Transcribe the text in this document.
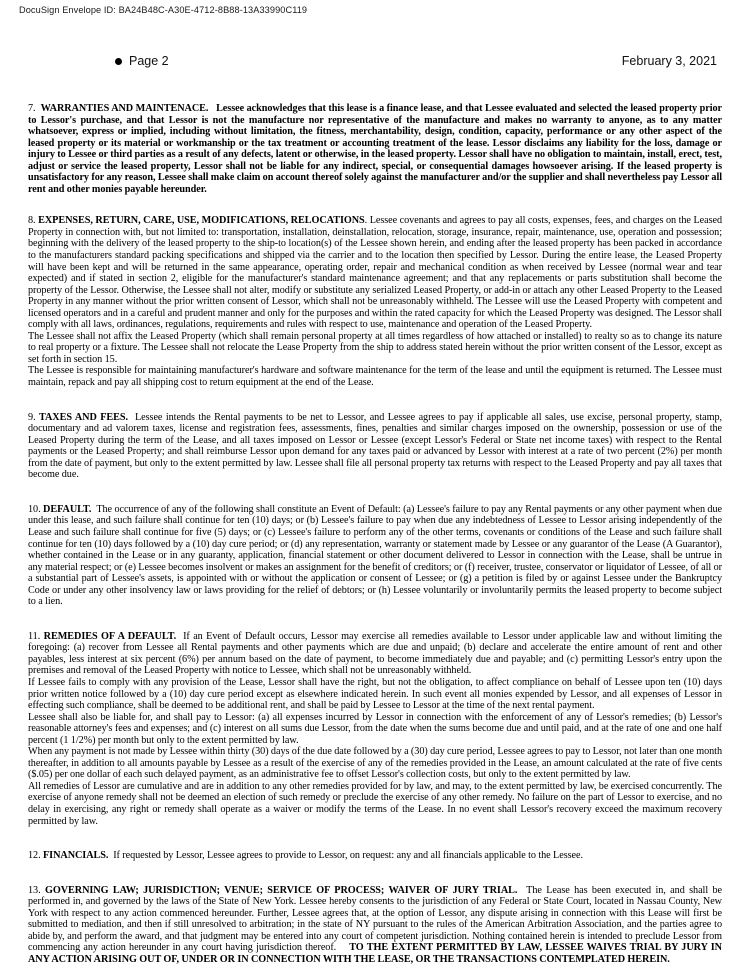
DocuSign Envelope ID: BA24B48C-A30E-4712-8B88-13A33990C119
Page 2	February 3, 2021

7. WARRANTIES AND MAINTENACE. Lessee acknowledges that this lease is a finance lease, and that Lessee evaluated and selected the leased property prior to Lessor's purchase, and that Lessor is not the manufacture nor representative of the manufacture and makes no warranty to anyone, as to any matter whatsoever, express or implied, including without limitation, the fitness, merchantability, design, condition, capacity, performance or any other aspect of the leased property or its material or workmanship or the tax treatment or accounting treatment of the lease. Lessor disclaims any liability for the loss, damage or injury to Lessee or third parties as a result of any defects, latent or otherwise, in the leased property. Lessor shall have no obligation to maintain, install, erect, test, adjust or service the leased property, Lessor shall not be liable for any indirect, special, or consequential damages howsoever arising. If the leased property is unsatisfactory for any reason, Lessee shall make claim on account thereof solely against the manufacturer and/or the supplier and shall nevertheless pay Lessor all rent and other monies payable hereunder.

8. EXPENSES, RETURN, CARE, USE, MODIFICATIONS, RELOCATIONS. Lessee covenants and agrees to pay all costs, expenses, fees, and charges on the Leased Property in connection with, but not limited to: transportation, installation, deinstallation, relocation, storage, insurance, repair, maintenance, use, operation and possession; beginning with the delivery of the leased property to the ship-to location(s) of the Lessee shown herein, and ending after the leased property has been packed in accordance to the manufacturers standard packing specifications and shipped via the carrier and to the location then specified by Lessor. During the entire lease, the Leased Property will have been kept and will be returned in the same appearance, operating order, repair and mechanical condition as when received by Lessee (normal wear and tear expected) and if stated in section 2, eligible for the manufacturer's standard maintenance agreement; and that any replacements or parts substitution shall become the property of the Lessor. Otherwise, the Lessee shall not alter, modify or substitute any serialized Leased Property, or add-in or attach any other Leased Property to the Leased Property in any manner without the prior written consent of Lessor, which shall not be unreasonably withheld. The Lessee will use the Leased Property with competent and licensed operators and in a careful and prudent manner and only for the purposes and within the rated capacity for which the Leased Property was designed. The Lessor shall comply with all laws, ordinances, regulations, requirements and rules with respect to use, maintenance and operation of the Leased Property.

The Lessee shall not affix the Leased Property (which shall remain personal property at all times regardless of how attached or installed) to realty so as to change its nature to real property or a fixture. The Lessee shall not relocate the Lease Property from the ship to address stated herein without the prior written consent of the Lessor, except as set forth in section 15.

The Lessee is responsible for maintaining manufacturer's hardware and software maintenance for the term of the lease and until the equipment is returned. The Lessee must maintain, repack and pay all shipping cost to return equipment at the end of the Lease.

9. TAXES AND FEES. Lessee intends the Rental payments to be net to Lessor, and Lessee agrees to pay if applicable all sales, use excise, personal property, stamp, documentary and ad valorem taxes, license and registration fees, assessments, fines, penalties and similar charges imposed on the ownership, possession or use of the Leased Property during the term of the Lease, and all taxes imposed on Lessor or Lessee (except Lessor's Federal or State net income taxes) with respect to the Rental payments or the Leased Property; and shall reimburse Lessor upon demand for any taxes paid or advanced by Lessor with interest at a rate of two percent (2%) per month from the date of payment, but only to the extent permitted by law. Lessee shall file all personal property tax returns with respect to the Leased Property and pay all taxes that become due.

10. DEFAULT. The occurrence of any of the following shall constitute an Event of Default: (a) Lessee's failure to pay any Rental payments or any other payment when due under this lease, and such failure shall continue for ten (10) days; or (b) Lessee's failure to pay when due any indebtedness of Lessee to Lessor arising independently of the Lease and such failure shall continue for five (5) days; or (c) Lessee's failure to perform any of the other terms, covenants or conditions of the Lease and such failure shall continue for ten (10) days followed by a (10) day cure period; or (d) any representation, warranty or statement made by Lessee or any guarantor of the Lease (A Guarantor), whether contained in the Lease or in any guaranty, application, financial statement or other document delivered to Lessor in connection with the Lease, shall be untrue in any material respect; or (e) Lessee becomes insolvent or makes an assignment for the benefit of creditors; or (f) receiver, trustee, conservator or liquidator of Lessee, of all or a substantial part of Lessee's assets, is appointed with or without the application or consent of Lessee; or (g) a petition is filed by or against Lessee under the Bankruptcy Code or under any other insolvency law or laws providing for the relief of debtors; or (h) Lessee voluntarily or involuntarily permits the leased property to become subject to a lien.

11. REMEDIES OF A DEFAULT. If an Event of Default occurs, Lessor may exercise all remedies available to Lessor under applicable law and without limiting the foregoing: (a) recover from Lessee all Rental payments and other payments which are due and unpaid; (b) declare and accelerate the entire amount of rent and other payables, less interest at six percent (6%) per annum based on the date of payment, to become immediately due and payable; and (c) permitting Lessor's entry upon the premises and removal of the Leased Property with notice to Lessee, which shall not be unreasonably withheld.

If Lessee fails to comply with any provision of the Lease, Lessor shall have the right, but not the obligation, to affect compliance on behalf of Lessee upon ten (10) days prior written notice followed by a (10) day cure period except as elsewhere indicated herein. In such event all monies expended by Lessor, and all expenses of Lessor in effecting such compliance, shall be deemed to be additional rent, and shall be paid by Lessee to Lessor at the time of the next rental payment.

Lessee shall also be liable for, and shall pay to Lessor: (a) all expenses incurred by Lessor in connection with the enforcement of any of Lessor's remedies; (b) Lessor's reasonable attorney's fees and expenses; and (c) interest on all sums due Lessor, from the date when the sums become due and until paid, and at the rate of one and one half percent (1 1/2%) per month but only to the extent permitted by law.

When any payment is not made by Lessee within thirty (30) days of the due date followed by a (30) day cure period, Lessee agrees to pay to Lessor, not later than one month thereafter, in addition to all amounts payable by Lessee as a result of the exercise of any of the remedies provided in the Lease, an amount calculated at the rate of five cents ($.05) per one dollar of each such delayed payment, as an administrative fee to offset Lessor's collection costs, but only to the extent permitted by law.

All remedies of Lessor are cumulative and are in addition to any other remedies provided for by law, and may, to the extent permitted by law, be exercised concurrently. The exercise of anyone remedy shall not be deemed an election of such remedy or preclude the exercise of any other remedy. No failure on the part of Lessor to exercise, and no delay in exercising, any right or remedy shall operate as a waiver or modify the terms of the Lease. In no event shall Lessor's recovery exceed the maximum recovery permitted by law.

12. FINANCIALS. If requested by Lessor, Lessee agrees to provide to Lessor, on request: any and all financials applicable to the Lessee.

13. GOVERNING LAW; JURISDICTION; VENUE; SERVICE OF PROCESS; WAIVER OF JURY TRIAL. The Lease has been executed in, and shall be performed in, and governed by the laws of the State of New York. Lessee hereby consents to the jurisdiction of any Federal or State Court, located in Nassau County, New York with respect to any action commenced hereunder. Further, Lessee agrees that, at the option of Lessor, any dispute arising in connection with this Lease will first be submitted to mediation, and then if still unresolved to arbitration; in the state of NY pursuant to the rules of the American Arbitration Association, and the parties agree to abide by, and perform the award, and that judgment may be entered into any court of competent jurisdiction. Nothing contained herein is intended to preclude Lessor from commencing any action hereunder in any court having jurisdiction thereof. TO THE EXTENT PERMITTED BY LAW, LESSEE WAIVES TRIAL BY JURY IN ANY ACTION ARISING OUT OF, UNDER OR IN CONNECTION WITH THE LEASE, OR THE TRANSACTIONS CONTEMPLATED HEREIN.
